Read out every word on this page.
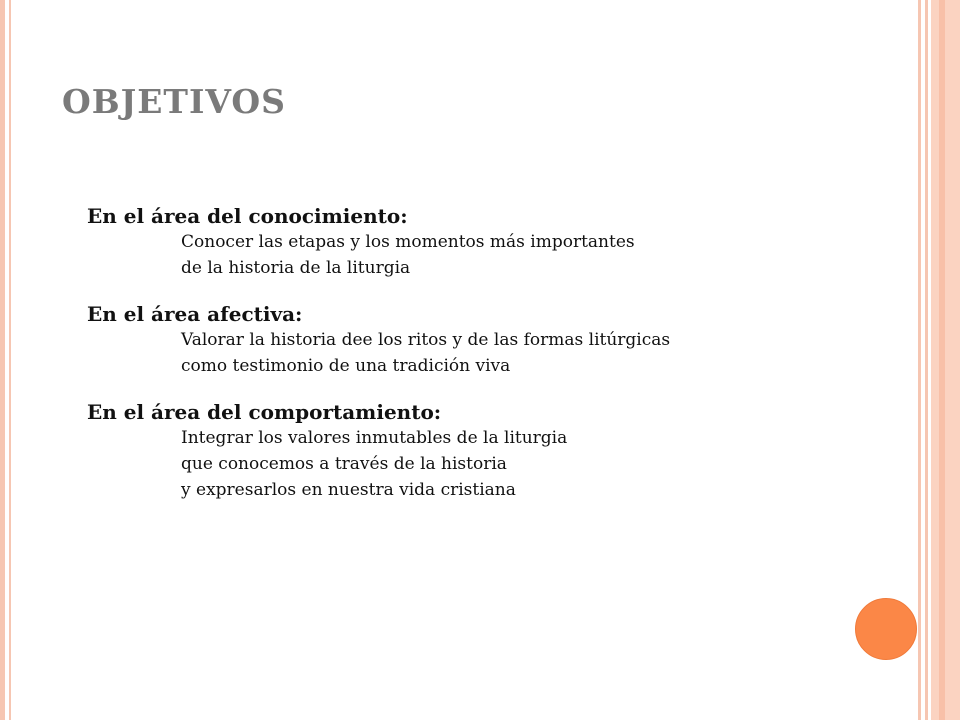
OBJETIVOS
En el área del conocimiento:
Conocer las etapas y los momentos más importantes
de la historia de la liturgia
En el área afectiva:
Valorar la historia dee los ritos y de las formas litúrgicas
como testimonio de una tradición viva
En el área del comportamiento:
Integrar los valores inmutables de la liturgia
que conocemos a través de la historia
y expresarlos en nuestra vida cristiana
